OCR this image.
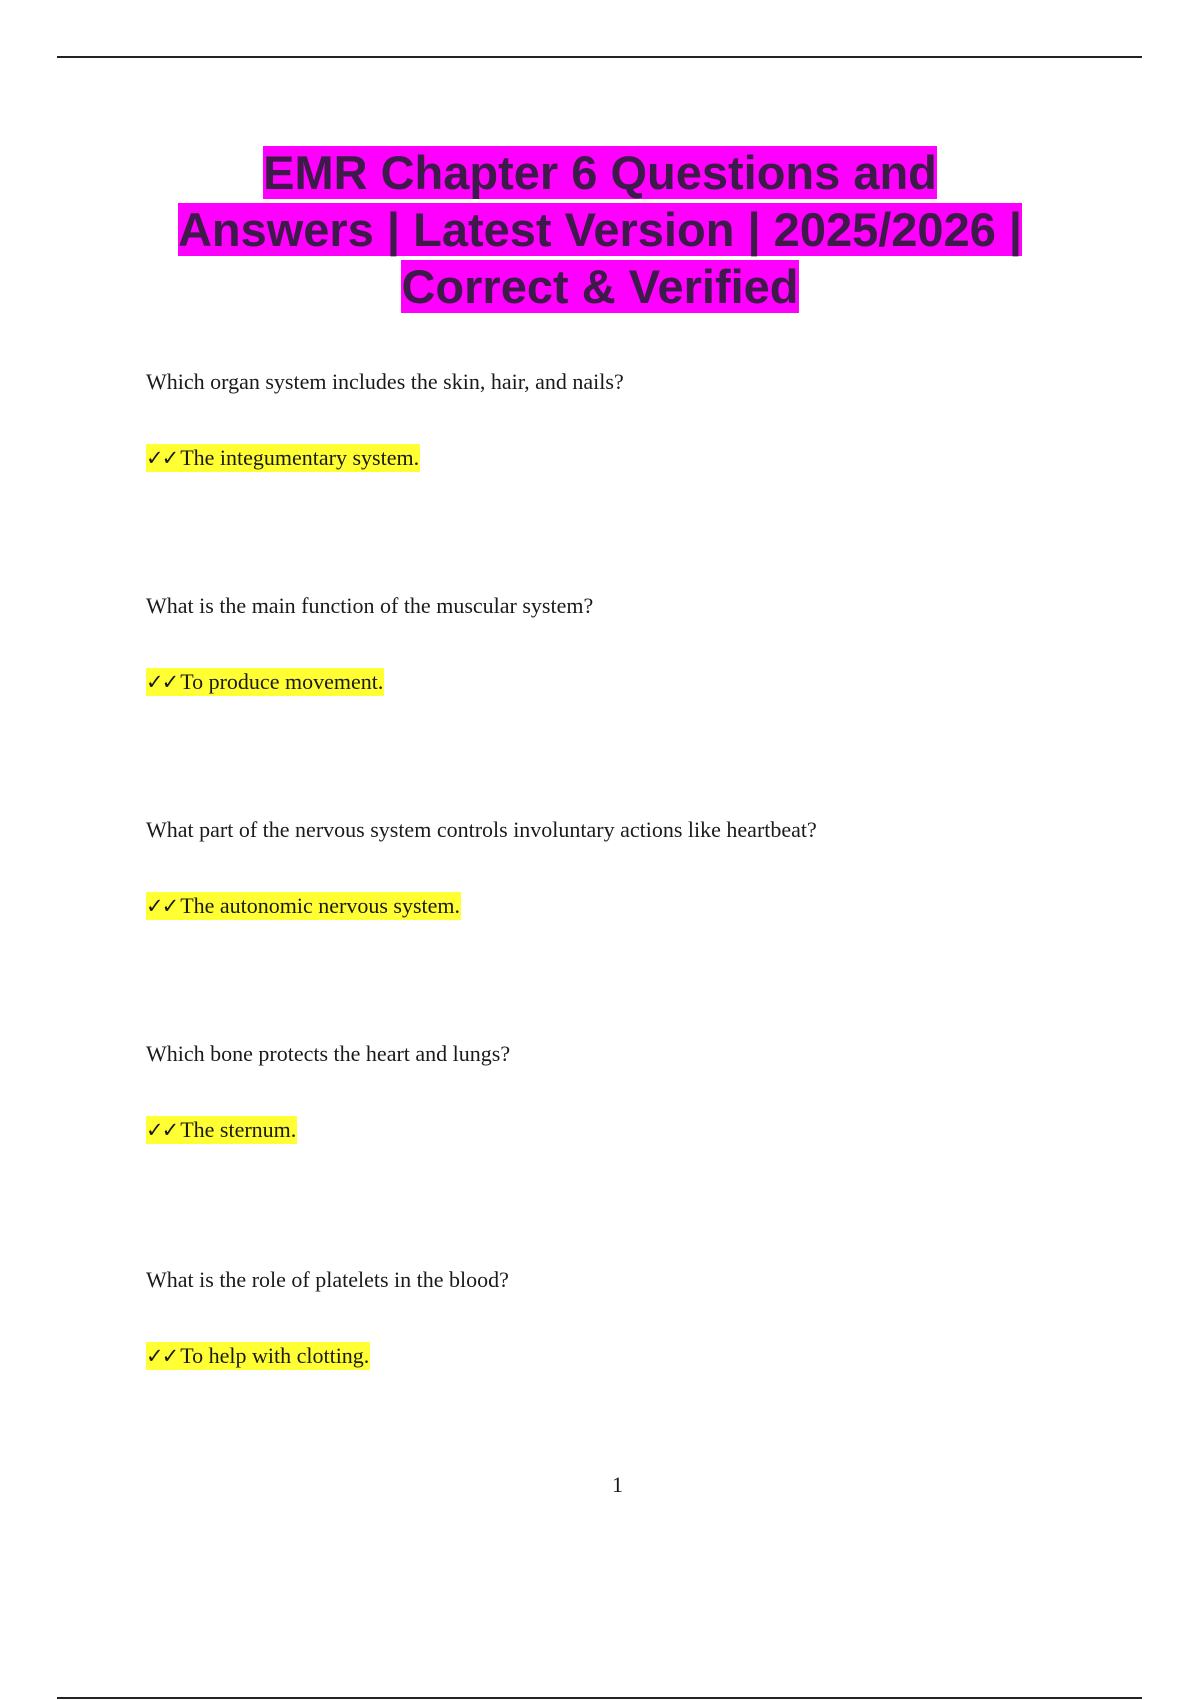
EMR Chapter 6 Questions and
Answers | Latest Version | 2025/2026 |
Correct & Verified
Which organ system includes the skin, hair, and nails?
✓✓ The integumentary system.
What is the main function of the muscular system?
✓✓ To produce movement.
What part of the nervous system controls involuntary actions like heartbeat?
✓✓ The autonomic nervous system.
Which bone protects the heart and lungs?
✓✓ The sternum.
What is the role of platelets in the blood?
✓✓ To help with clotting.
1
